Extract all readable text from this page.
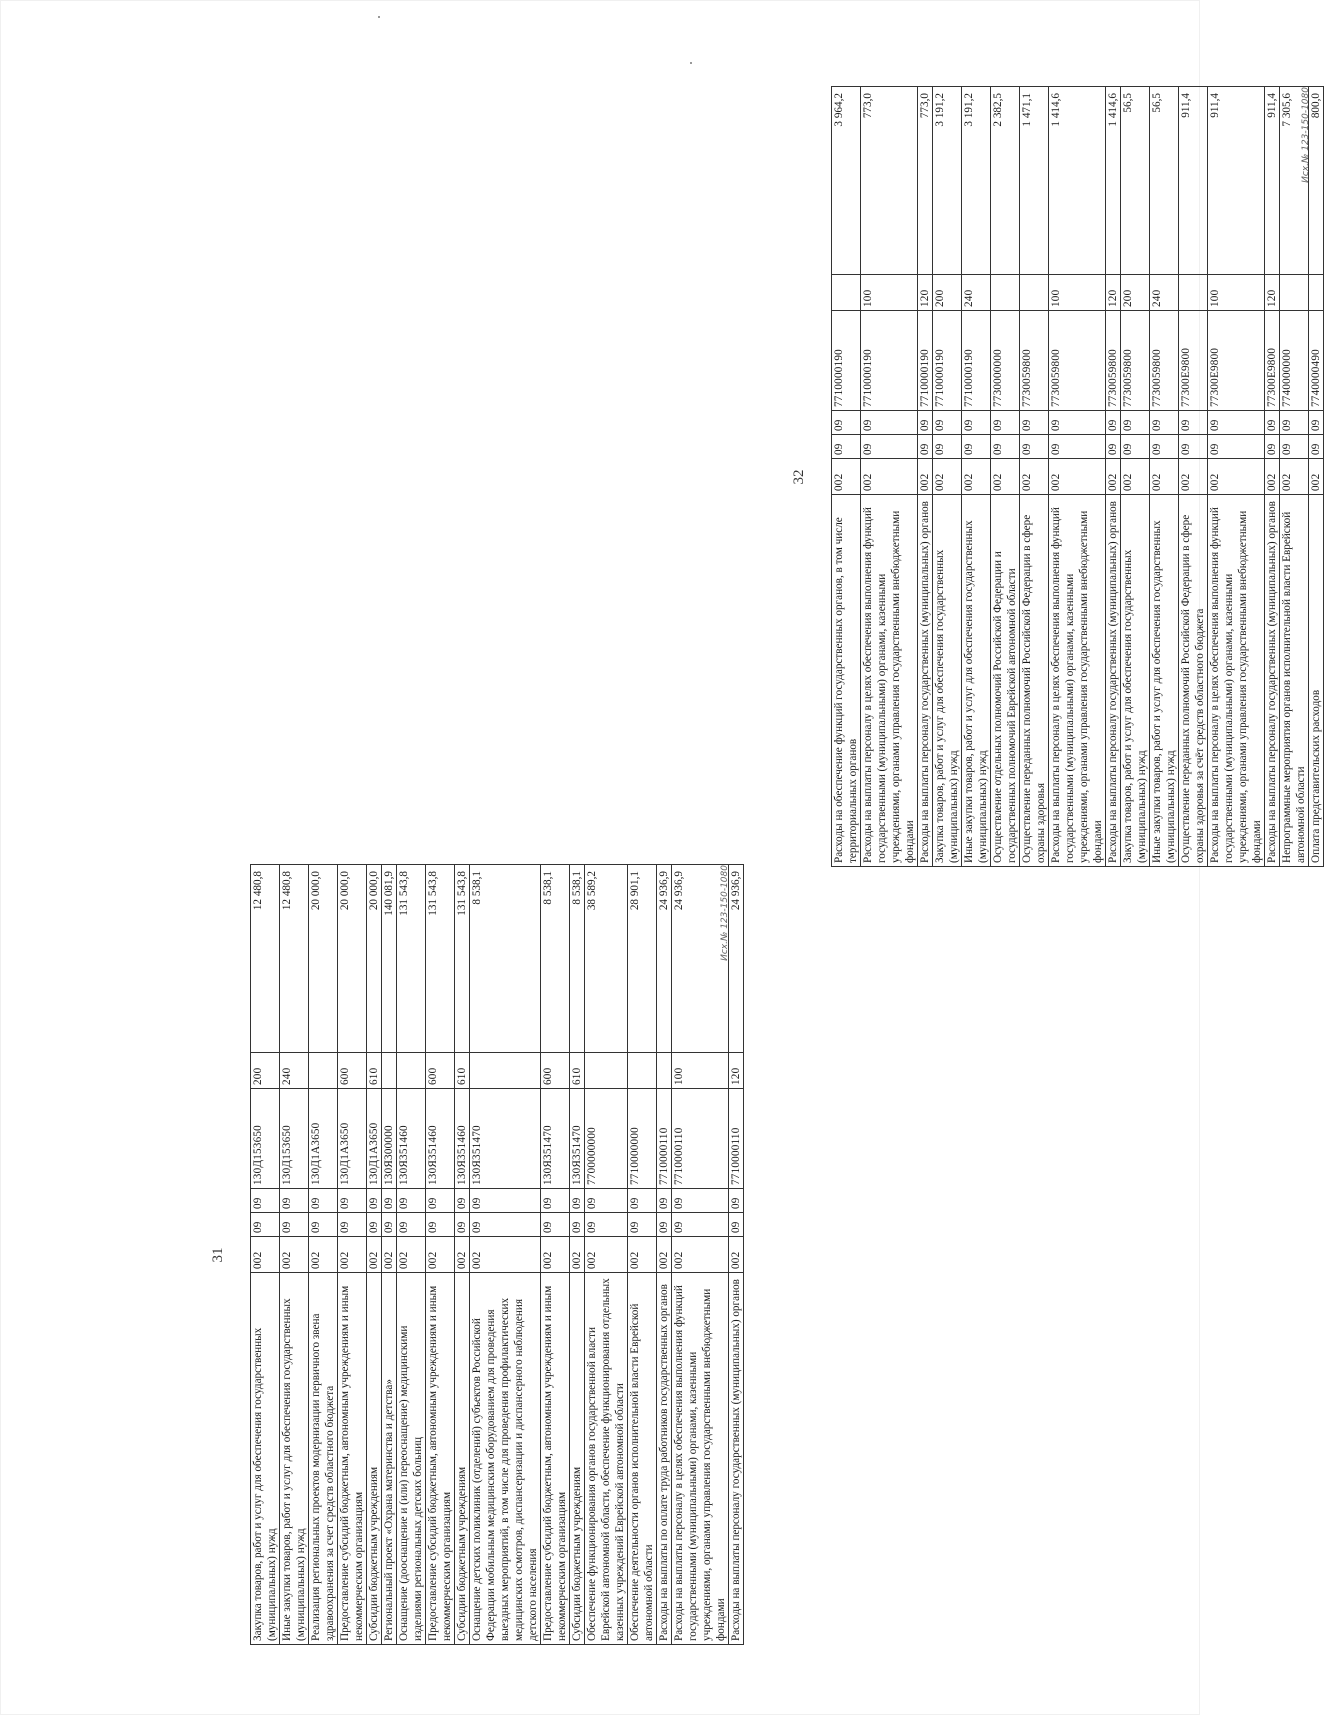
31
Закупка товаров, работ и услуг для обеспечения государственных (муниципальных) нужд	002	09	09	130Д153650	200	12 480,8
Иные закупки товаров, работ и услуг для обеспечения государственных (муниципальных) нужд	002	09	09	130Д153650	240	12 480,8
Реализация региональных проектов модернизации первичного звена здравоохранения за счет средств областного бюджета	002	09	09	130Д1А3650		20 000,0
Предоставление субсидий бюджетным, автономным учреждениям и иным некоммерческим организациям	002	09	09	130Д1А3650	600	20 000,0
Субсидии бюджетным учреждениям	002	09	09	130Д1А3650	610	20 000,0
Региональный проект «Охрана материнства и детства»	002	09	09	130Я300000		140 081,9
Оснащение (дооснащение и (или) переоснащение) медицинскими изделиями региональных детских больниц	002	09	09	130Я351460		131 543,8
Предоставление субсидий бюджетным, автономным учреждениям и иным некоммерческим организациям	002	09	09	130Я351460	600	131 543,8
Субсидии бюджетным учреждениям	002	09	09	130Я351460	610	131 543,8
Оснащение детских поликлиник (отделений) субъектов Российской Федерации мобильным медицинским оборудованием для проведения выездных мероприятий, в том числе для проведения профилактических медицинских осмотров, диспансеризации и диспансерного наблюдения детского населения	002	09	09	130Я351470		8 538,1
Предоставление субсидий бюджетным, автономным учреждениям и иным некоммерческим организациям	002	09	09	130Я351470	600	8 538,1
Субсидии бюджетным учреждениям	002	09	09	130Я351470	610	8 538,1
Обеспечение функционирования органов государственной власти Еврейской автономной области, обеспечение функционирования отдельных казенных учреждений Еврейской автономной области	002	09	09	7700000000		38 589,2
Обеспечение деятельности органов исполнительной власти Еврейской автономной области	002	09	09	7710000000		28 901,1
Расходы на выплаты по оплате труда работников государственных органов	002	09	09	7710000110		24 936,9
Расходы на выплаты персоналу в целях обеспечения выполнения функций государственными (муниципальными) органами, казенными учреждениями, органами управления государственными внебюджетными фондами	002	09	09	7710000110	100	24 936,9
Расходы на выплаты персоналу государственных (муниципальных) органов	002	09	09	7710000110	120	24 936,9
Исх.№ 123-150-1080
32
Расходы на обеспечение функций государственных органов, в том числе территориальных органов	002	09	09	7710000190		3 964,2
Расходы на выплаты персоналу в целях обеспечения выполнения функций государственными (муниципальными) органами, казенными учреждениями, органами управления государственными внебюджетными фондами	002	09	09	7710000190	100	773,0
Расходы на выплаты персоналу государственных (муниципальных) органов	002	09	09	7710000190	120	773,0
Закупка товаров, работ и услуг для обеспечения государственных (муниципальных) нужд	002	09	09	7710000190	200	3 191,2
Иные закупки товаров, работ и услуг для обеспечения государственных (муниципальных) нужд	002	09	09	7710000190	240	3 191,2
Осуществление отдельных полномочий Российской Федерации и государственных полномочий Еврейской автономной области	002	09	09	7730000000		2 382,5
Осуществление переданных полномочий Российской Федерации в сфере охраны здоровья	002	09	09	7730059800		1 471,1
Расходы на выплаты персоналу в целях обеспечения выполнения функций государственными (муниципальными) органами, казенными учреждениями, органами управления государственными внебюджетными фондами	002	09	09	7730059800	100	1 414,6
Расходы на выплаты персоналу государственных (муниципальных) органов	002	09	09	7730059800	120	1 414,6
Закупка товаров, работ и услуг для обеспечения государственных (муниципальных) нужд	002	09	09	7730059800	200	56,5
Иные закупки товаров, работ и услуг для обеспечения государственных (муниципальных) нужд	002	09	09	7730059800	240	56,5
Осуществление переданных полномочий Российской Федерации в сфере охраны здоровья за счёт средств областного бюджета	002	09	09	77300Е9800		911,4
Расходы на выплаты персоналу в целях обеспечения выполнения функций государственными (муниципальными) органами, казенными учреждениями, органами управления государственными внебюджетными фондами	002	09	09	77300Е9800	100	911,4
Расходы на выплаты персоналу государственных (муниципальных) органов	002	09	09	77300Е9800	120	911,4
Непрограммные мероприятия органов исполнительной власти Еврейской автономной области	002	09	09	7740000000		7 305,6
Оплата представительских расходов	002	09	09	7740000490		800,0
Исх.№ 123-150-1080
